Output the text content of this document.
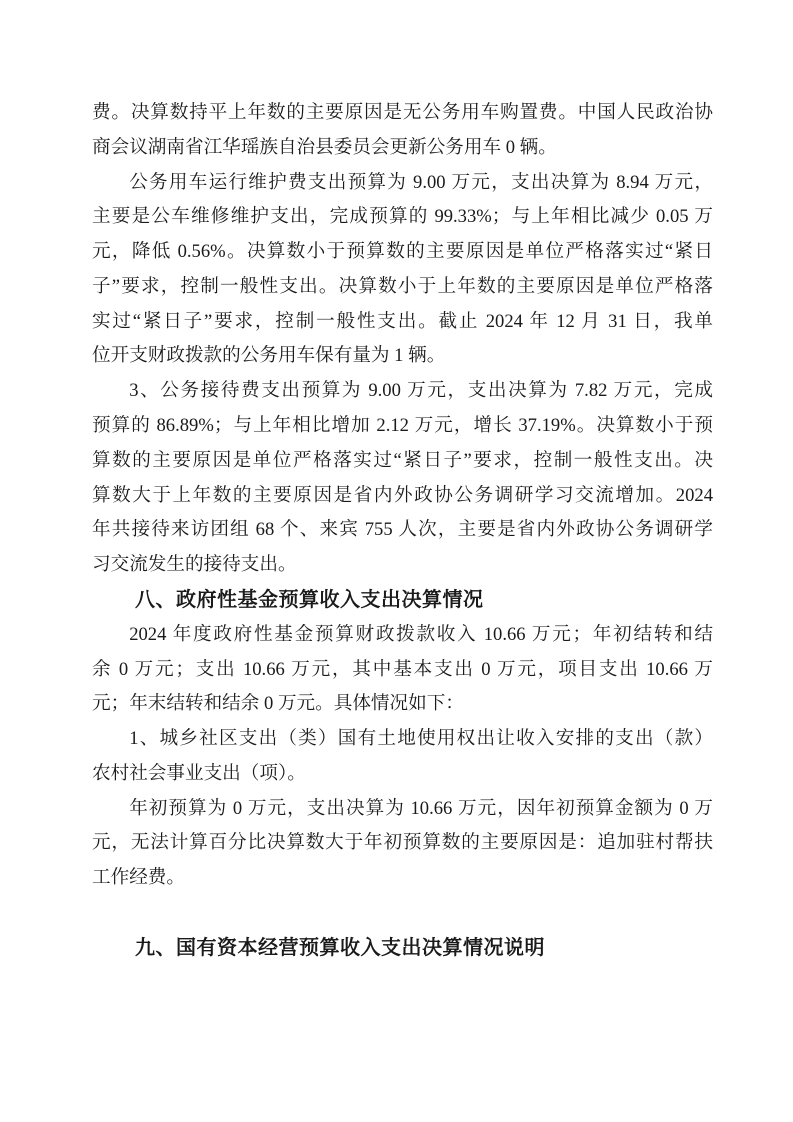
费。决算数持平上年数的主要原因是无公务用车购置费。中国人民政治协
商会议湖南省江华瑶族自治县委员会更新公务用车 0 辆。
公务用车运行维护费支出预算为 9.00 万元，支出决算为 8.94 万元，
主要是公车维修维护支出，完成预算的 99.33%；与上年相比减少 0.05 万
元，降低 0.56%。决算数小于预算数的主要原因是单位严格落实过“紧日
子”要求，控制一般性支出。决算数小于上年数的主要原因是单位严格落
实过“紧日子”要求，控制一般性支出。截止 2024 年 12 月 31 日，我单
位开支财政拨款的公务用车保有量为 1 辆。
3、公务接待费支出预算为 9.00 万元，支出决算为 7.82 万元，完成
预算的 86.89%；与上年相比增加 2.12 万元，增长 37.19%。决算数小于预
算数的主要原因是单位严格落实过“紧日子”要求，控制一般性支出。决
算数大于上年数的主要原因是省内外政协公务调研学习交流增加。2024
年共接待来访团组 68 个、来宾 755 人次，主要是省内外政协公务调研学
习交流发生的接待支出。
八、政府性基金预算收入支出决算情况
2024 年度政府性基金预算财政拨款收入 10.66 万元；年初结转和结
余 0 万元；支出 10.66 万元，其中基本支出 0 万元，项目支出 10.66 万
元；年末结转和结余 0 万元。具体情况如下：
1、城乡社区支出（类）国有土地使用权出让收入安排的支出（款）
农村社会事业支出（项）。
年初预算为 0 万元，支出决算为 10.66 万元，因年初预算金额为 0 万
元，无法计算百分比决算数大于年初预算数的主要原因是：追加驻村帮扶
工作经费。
九、国有资本经营预算收入支出决算情况说明
